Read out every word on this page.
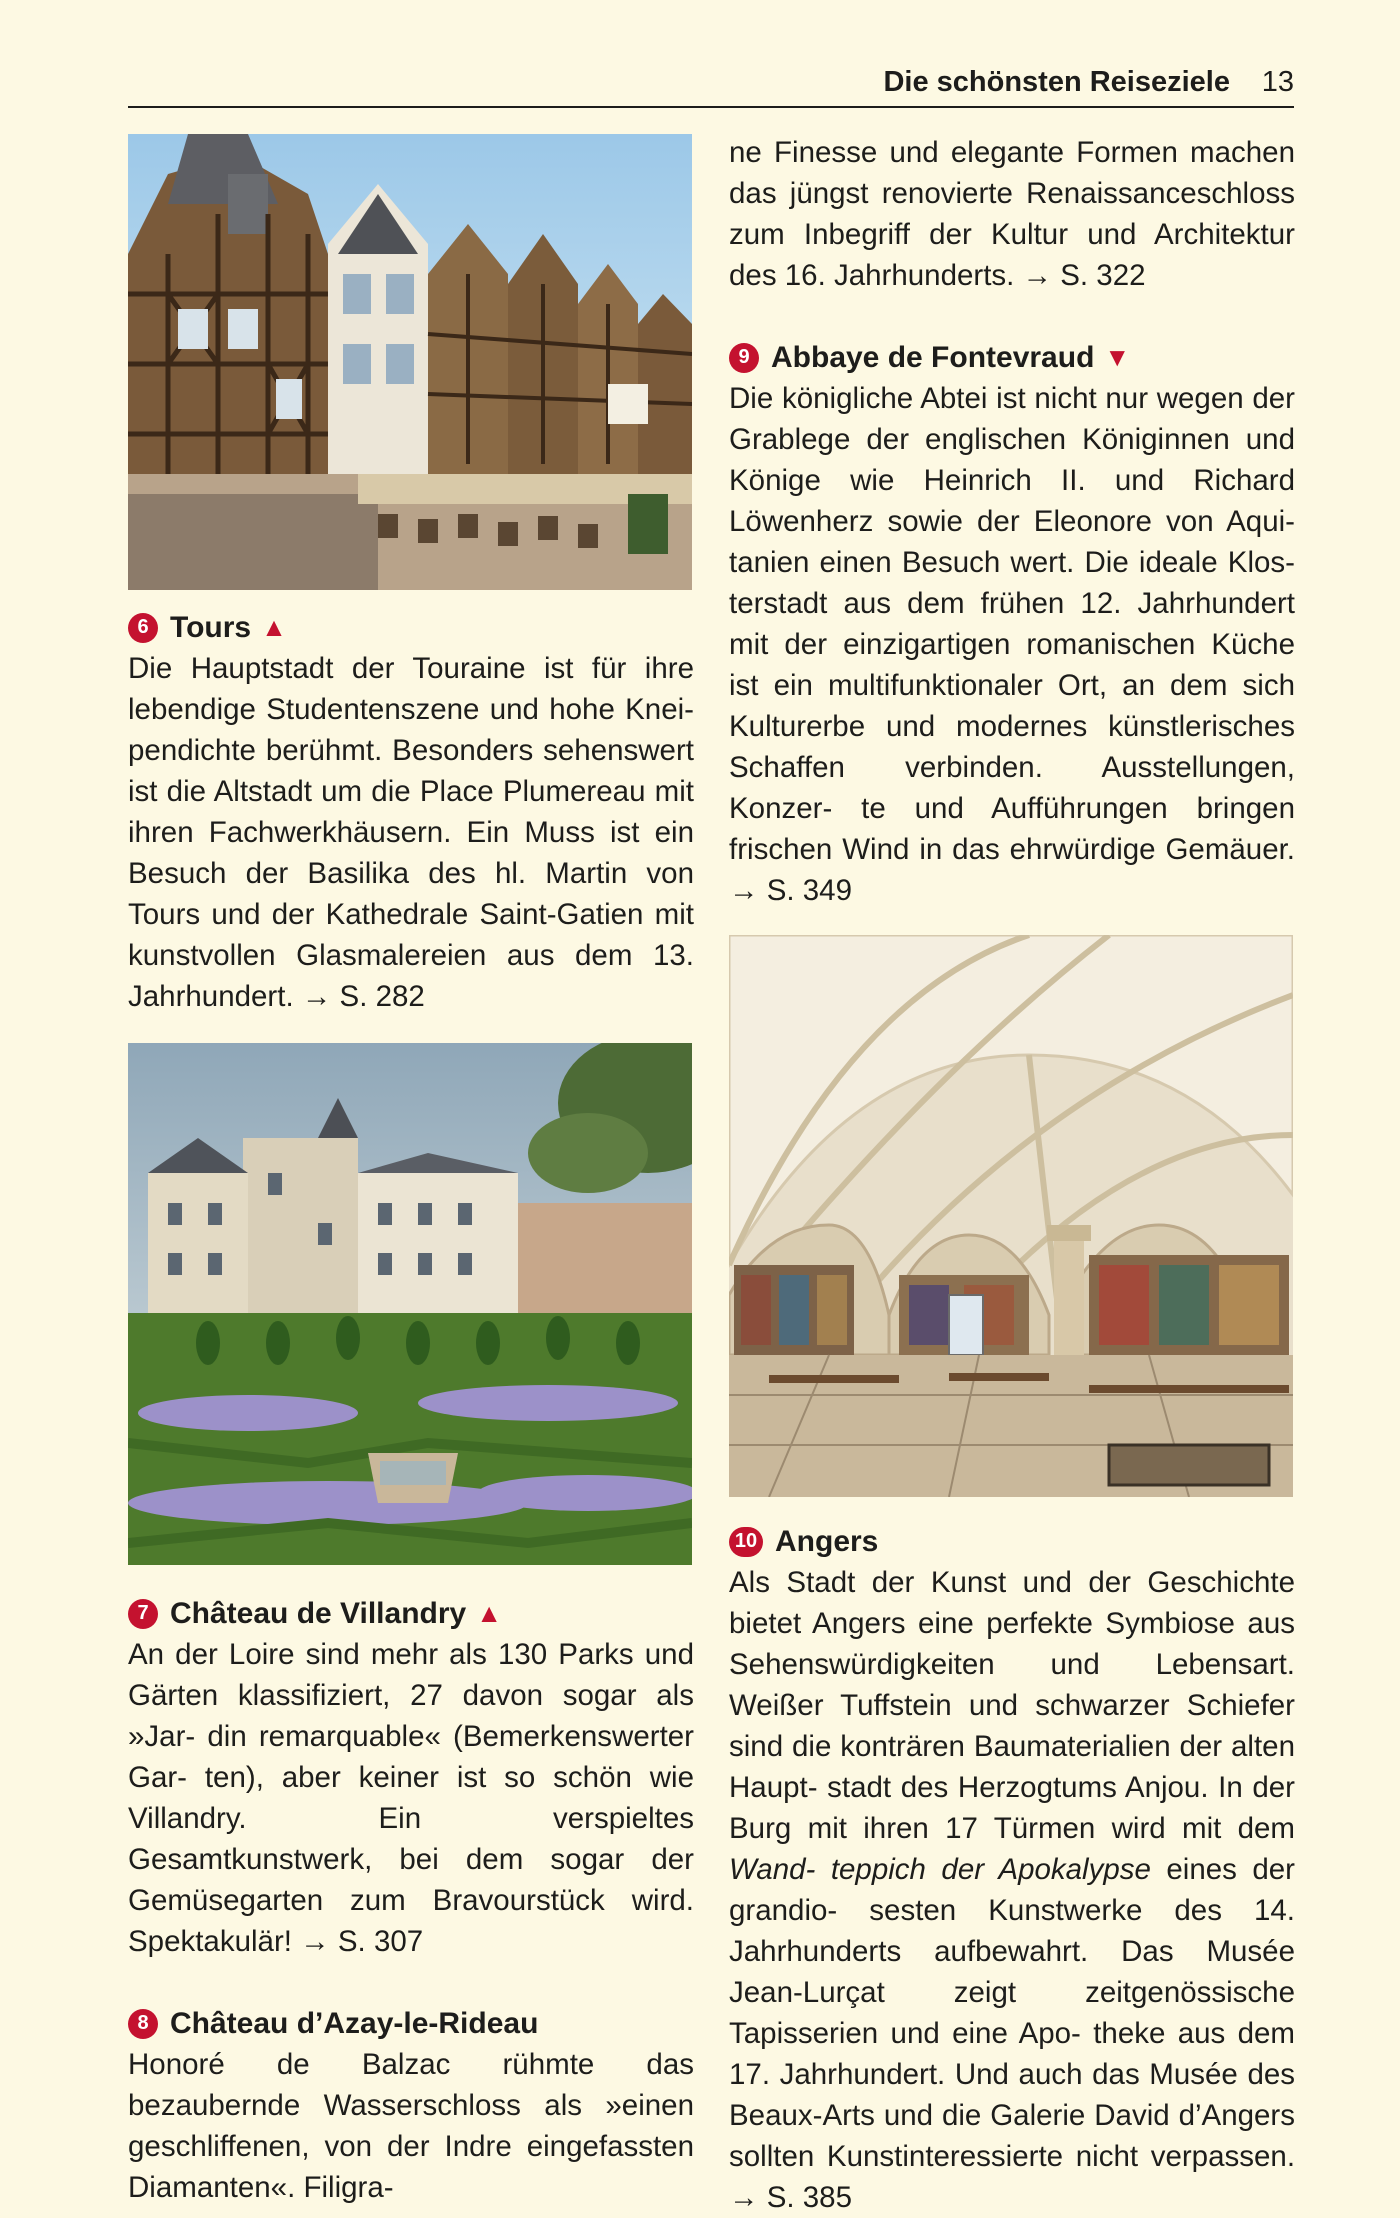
Die schönsten Reiseziele 13
6 Tours ▲

Die Hauptstadt der Touraine ist für ihre lebendige Studentenszene und hohe Knei- pendichte berühmt. Besonders sehenswert ist die Altstadt um die Place Plumereau mit ihren Fachwerkhäusern. Ein Muss ist ein Besuch der Basilika des hl. Martin von Tours und der Kathedrale Saint-Gatien mit kunstvollen Glasmalereien aus dem 13. Jahrhundert. → S. 282

7 Château de Villandry ▲

An der Loire sind mehr als 130 Parks und Gärten klassifiziert, 27 davon sogar als »Jar- din remarquable« (Bemerkenswerter Gar- ten), aber keiner ist so schön wie Villandry.	Ein verspieltes Gesamtkunstwerk, bei dem sogar der Gemüsegarten zum Bravourstück wird. Spektakulär! → S. 307

8 Château d’Azay-le-Rideau

Honoré de Balzac rühmte das bezaubernde Wasserschloss als »einen geschliffenen, von der Indre eingefassten Diamanten«. Filigra-

ne Finesse und elegante Formen machen das jüngst renovierte Renaissanceschloss zum Inbegriff der Kultur und Architektur des 16. Jahrhunderts. → S. 322

9 Abbaye de Fontevraud ▼

Die königliche Abtei ist nicht nur wegen der Grablege der englischen Königinnen und Könige wie Heinrich II. und Richard Löwenherz sowie der Eleonore von Aqui- tanien einen Besuch wert. Die ideale Klos- terstadt aus dem frühen 12. Jahrhundert mit der einzigartigen romanischen Küche ist ein multifunktionaler Ort, an dem sich Kulturerbe und modernes künstlerisches Schaffen verbinden. Ausstellungen, Konzer- te und Aufführungen bringen frischen Wind in das ehrwürdige Gemäuer. → S. 349

10 Angers

Als Stadt der Kunst und der Geschichte bietet Angers eine perfekte Symbiose aus Sehenswürdigkeiten und Lebensart. Weißer Tuffstein und schwarzer Schiefer sind die konträren Baumaterialien der alten Haupt- stadt des Herzogtums Anjou. In der Burg mit ihren 17 Türmen wird mit dem Wand- teppich der Apokalypse eines der grandio- sesten Kunstwerke des 14. Jahrhunderts aufbewahrt. Das Musée Jean-Lurçat zeigt zeitgenössische Tapisserien und eine Apo- theke aus dem 17. Jahrhundert. Und auch das Musée des Beaux-Arts und die Galerie David d’Angers sollten Kunstinteressierte nicht verpassen. → S. 385
